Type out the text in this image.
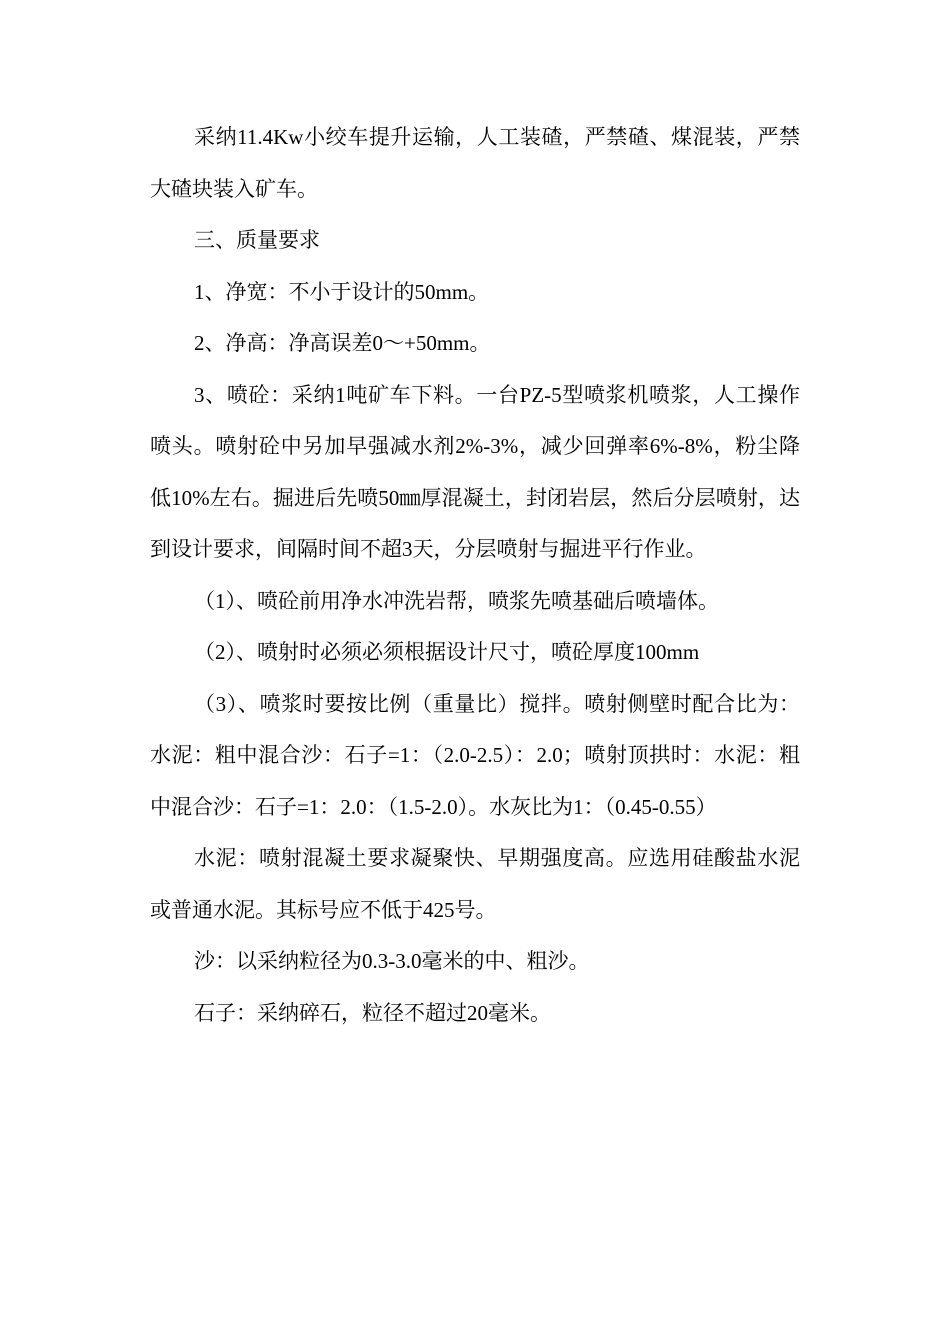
采纳11.4Kw小绞车提升运输，人工装碴，严禁碴、煤混装，严禁大碴块装入矿车。

三、质量要求

1、净宽：不小于设计的50mm。

2、净高：净高误差0～+50mm。

3、喷砼：采纳1吨矿车下料。一台PZ-5型喷浆机喷浆，人工操作喷头。喷射砼中另加早强减水剂2%-3%，减少回弹率6%-8%，粉尘降低10%左右。掘进后先喷50㎜厚混凝土，封闭岩层，然后分层喷射，达到设计要求，间隔时间不超3天，分层喷射与掘进平行作业。

（1）、喷砼前用净水冲洗岩帮，喷浆先喷基础后喷墙体。

（2）、喷射时必须必须根据设计尺寸，喷砼厚度100mm

（3）、喷浆时要按比例（重量比）搅拌。喷射侧壁时配合比为：水泥：粗中混合沙：石子=1：（2.0-2.5）：2.0；喷射顶拱时：水泥：粗中混合沙：石子=1：2.0：（1.5-2.0）。水灰比为1：（0.45-0.55）

水泥：喷射混凝土要求凝聚快、早期强度高。应选用硅酸盐水泥或普通水泥。其标号应不低于425号。

沙：以采纳粒径为0.3-3.0毫米的中、粗沙。

石子：采纳碎石，粒径不超过20毫米。
